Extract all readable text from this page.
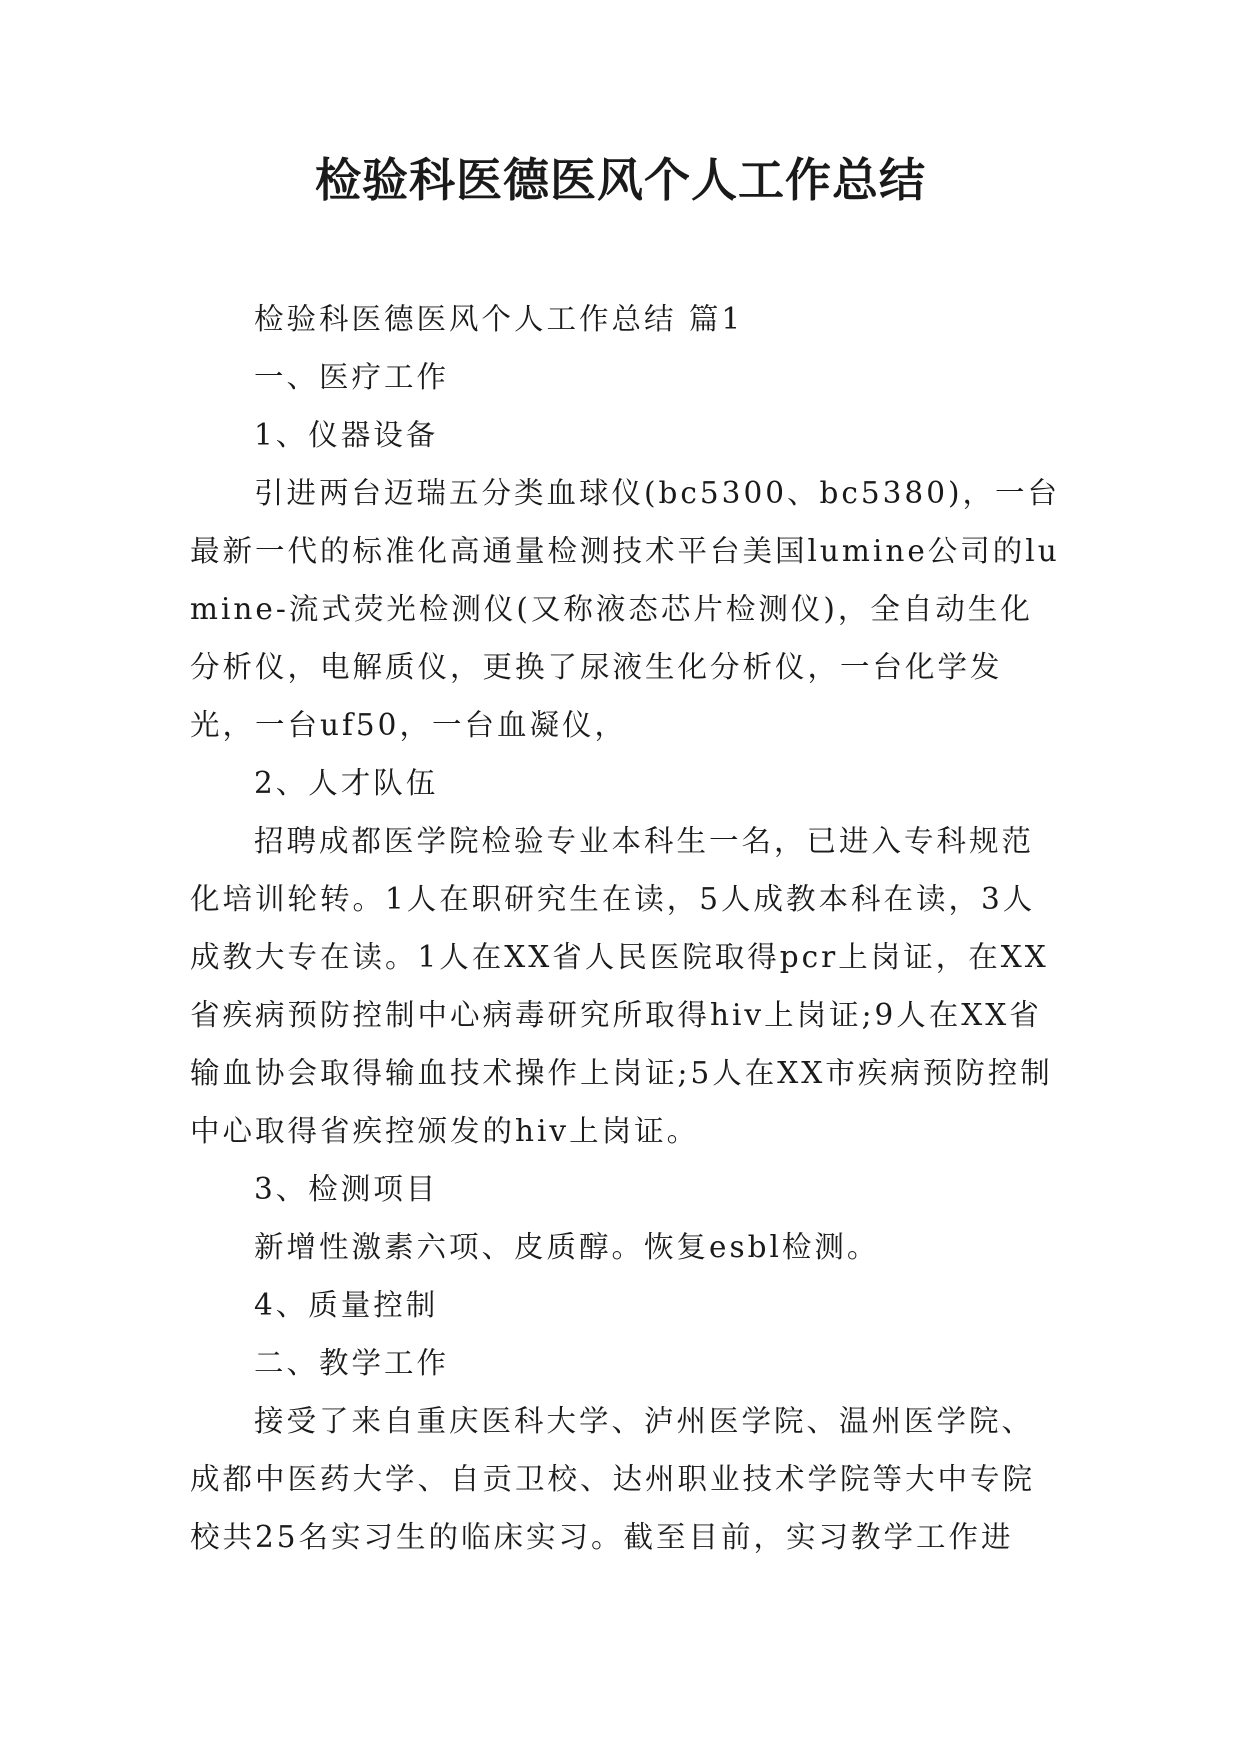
检验科医德医风个人工作总结

检验科医德医风个人工作总结 篇1

一、医疗工作

1、仪器设备

引进两台迈瑞五分类血球仪(bc5300、bc5380)，一台最新一代的标准化高通量检测技术平台美国lumine公司的lumine-流式荧光检测仪(又称液态芯片检测仪)，全自动生化分析仪，电解质仪，更换了尿液生化分析仪，一台化学发光，一台uf50，一台血凝仪，

2、人才队伍

招聘成都医学院检验专业本科生一名，已进入专科规范化培训轮转。1人在职研究生在读，5人成教本科在读，3人成教大专在读。1人在XX省人民医院取得pcr上岗证，在XX省疾病预防控制中心病毒研究所取得hiv上岗证;9人在XX省输血协会取得输血技术操作上岗证;5人在XX市疾病预防控制中心取得省疾控颁发的hiv上岗证。

3、检测项目

新增性激素六项、皮质醇。恢复esbl检测。

4、质量控制

二、教学工作

接受了来自重庆医科大学、泸州医学院、温州医学院、成都中医药大学、自贡卫校、达州职业技术学院等大中专院校共25名实习生的临床实习。截至目前，实习教学工作进
